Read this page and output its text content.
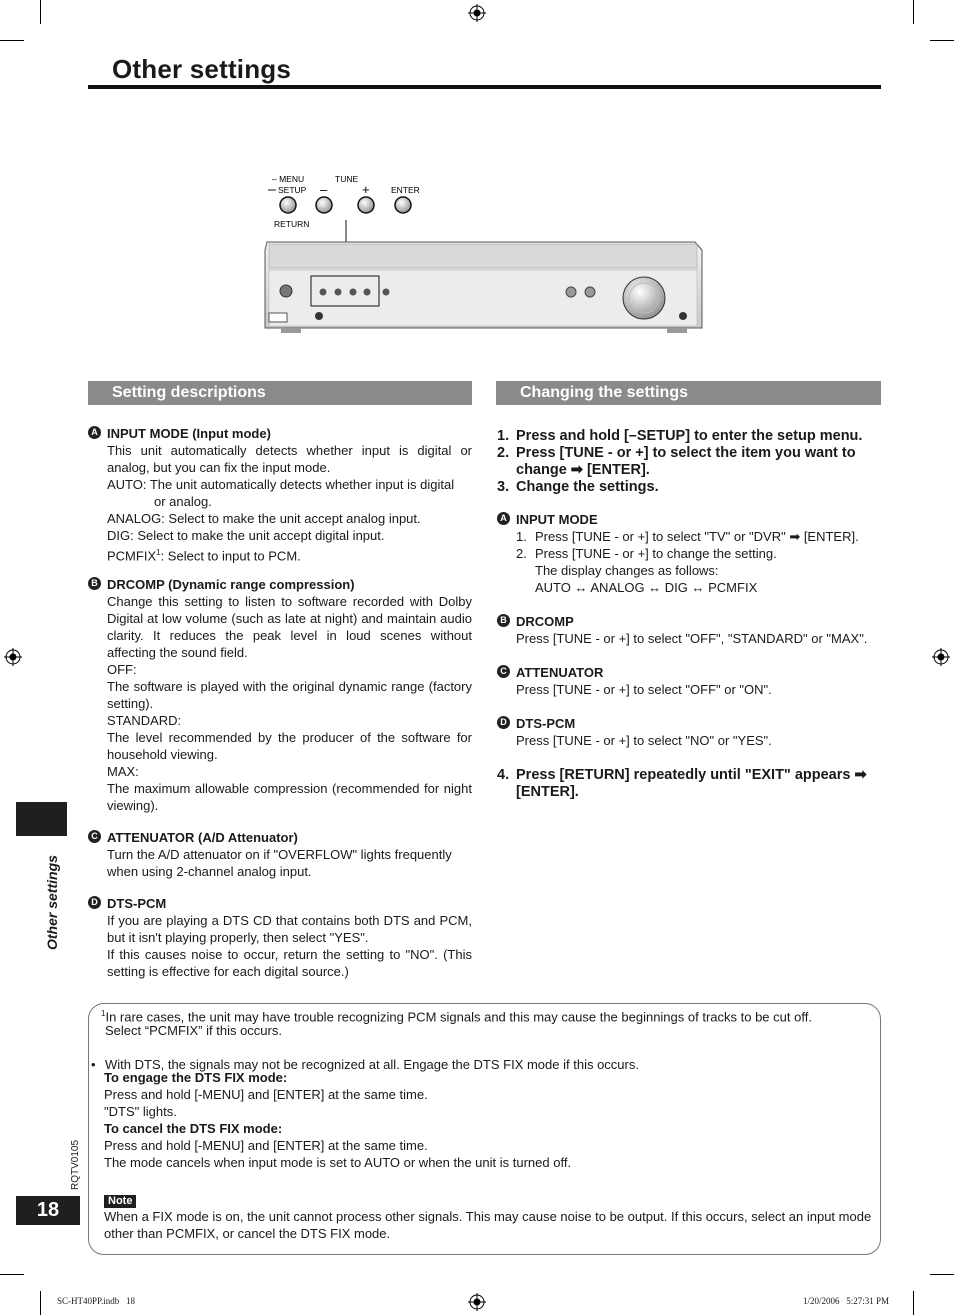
Other settings
– MENU
SETUP
TUNE
–	+	ENTER
RETURN
Setting descriptions
A INPUT MODE (Input mode)

This unit automatically detects whether input is digital or analog, but you can fix the input mode.

AUTO: The unit automatically detects whether input is digital

or analog.

ANALOG: Select to make the unit accept analog input.

DIG: Select to make the unit accept digital input.

PCMFIX$^1$: Select to input to PCM.

B DRCOMP (Dynamic range compression)

Change this setting to listen to software recorded with Dolby Digital at low volume (such as late at night) and maintain audio clarity. It reduces the peak level in loud scenes without affecting the sound field.

OFF:

The software is played with the original dynamic range (factory setting).

STANDARD:

The level recommended by the producer of the software for household viewing.

MAX:

The maximum allowable compression (recommended for night viewing).

C ATTENUATOR (A/D Attenuator)

Turn the A/D attenuator on if "OVERFLOW" lights frequently when using 2-channel analog input.

D DTS-PCM

If you are playing a DTS CD that contains both DTS and PCM, but it isn't playing properly, then select "YES".

If this causes noise to occur, return the setting to "NO". (This setting is effective for each digital source.)

Changing the settings
1. Press and hold [–SETUP] to enter the setup menu.
2. Press [TUNE - or +] to select the item you want to change ➡ [ENTER].
3. Change the settings.
A INPUT MODE

1. Press [TUNE - or +] to select "TV" or "DVR" ➡ [ENTER].
2. Press [TUNE - or +] to change the setting.

The display changes as follows:

AUTO ↔ ANALOG ↔ DIG ↔ PCMFIX

B DRCOMP

Press [TUNE - or +] to select "OFF", "STANDARD" or "MAX".

C ATTENUATOR

Press [TUNE - or +] to select "OFF" or "ON".

D DTS-PCM

Press [TUNE - or +] to select "NO" or "YES".

4. Press [RETURN] repeatedly until "EXIT" appears ➡ [ENTER].
Other settings
$^1$In rare cases, the unit may have trouble recognizing PCM signals and this may cause the beginnings of tracks to be cut off.
Select “PCMFIX” if this occurs.
• With DTS, the signals may not be recognized at all. Engage the DTS FIX mode if this occurs.
To engage the DTS FIX mode:
Press and hold [-MENU] and [ENTER] at the same time.
"DTS" lights.
To cancel the DTS FIX mode:
Press and hold [-MENU] and [ENTER] at the same time.
The mode cancels when input mode is set to AUTO or when the unit is turned off.
Note
When a FIX mode is on, the unit cannot process other signals. This may cause noise to be output. If this occurs, select an input mode other than PCMFIX, or cancel the DTS FIX mode.
RQTV0105
18
SC-HT40PP.indb   18	1/20/2006   5:27:31 PM
